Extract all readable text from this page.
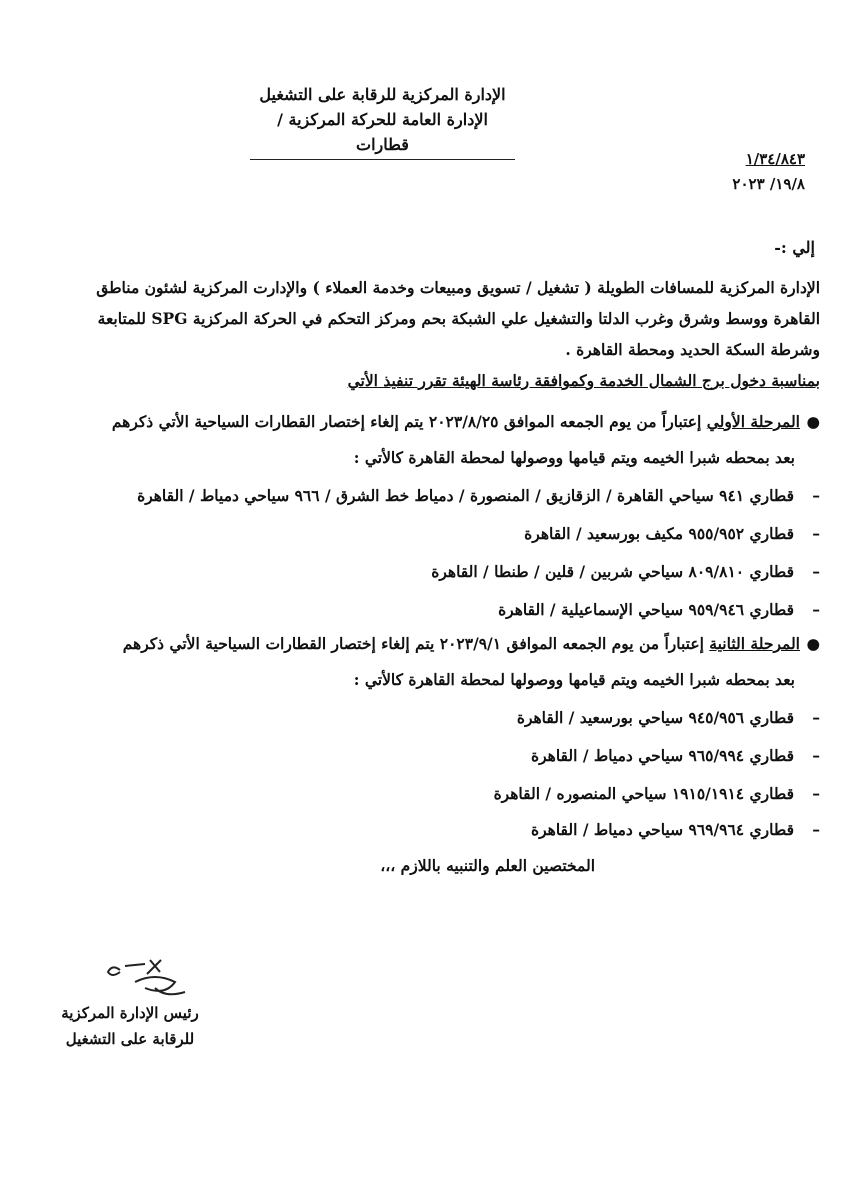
الإدارة المركزية للرقابة على التشغيل
الإدارة العامة للحركة المركزية / قطارات
١/٣٤/٨٤٣
١٩/٨/ ٢٠٢٣
إلي :-
الإدارة المركزية للمسافات الطويلة ( تشغيل / تسويق ومبيعات وخدمة العملاء ) والإدارت المركزية لشئون مناطق
القاهرة ووسط وشرق وغرب الدلتا والتشغيل علي الشبكة بحم ومركز التحكم في الحركة المركزية SPG للمتابعة
وشرطة السكة الحديد ومحطة القاهرة .
بمناسبة دخول برج الشمال الخدمة وكموافقة رئاسة الهيئة تقرر تنفيذ الأتي
●المرحلة الأولي إعتباراً من يوم الجمعه الموافق ٢٠٢٣/٨/٢٥ يتم إلغاء إختصار القطارات السياحية الأتي ذكرهم
بعد بمحطه شبرا الخيمه ويتم قيامها ووصولها لمحطة القاهرة كالأتي :
–قطاري ٩٤١ سياحي القاهرة / الزقازيق / المنصورة / دمياط خط الشرق / ٩٦٦ سياحي دمياط / القاهرة
–قطاري ٩٥٥/٩٥٢ مكيف بورسعيد / القاهرة
–قطاري ٨٠٩/٨١٠ سياحي شربين / قلين / طنطا / القاهرة
–قطاري ٩٥٩/٩٤٦ سياحي الإسماعيلية / القاهرة
●المرحلة الثانية إعتباراً من يوم الجمعه الموافق ٢٠٢٣/٩/١ يتم إلغاء إختصار القطارات السياحية الأتي ذكرهم
بعد بمحطه شبرا الخيمه ويتم قيامها ووصولها لمحطة القاهرة كالأتي :
–قطاري ٩٤٥/٩٥٦ سياحي بورسعيد / القاهرة
–قطاري ٩٦٥/٩٩٤ سياحي دمياط / القاهرة
–قطاري ١٩١٥/١٩١٤ سياحي المنصوره / القاهرة
–قطاري ٩٦٩/٩٦٤ سياحي دمياط / القاهرة
المختصين العلم والتنبيه باللازم ،،،
رئيس الإدارة المركزية
للرقابة على التشغيل
